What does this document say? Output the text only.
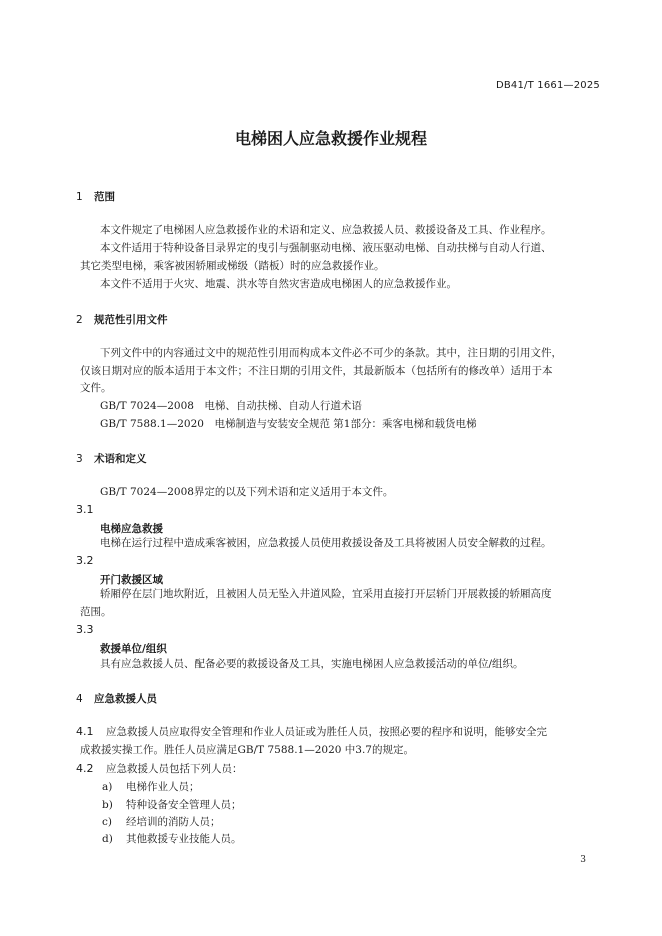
DB41/T 1661—2025
电梯困人应急救援作业规程
1 范围
本文件规定了电梯困人应急救援作业的术语和定义、应急救援人员、救援设备及工具、作业程序。
本文件适用于特种设备目录界定的曳引与强制驱动电梯、液压驱动电梯、自动扶梯与自动人行道、
其它类型电梯，乘客被困轿厢或梯级（踏板）时的应急救援作业。
本文件不适用于火灾、地震、洪水等自然灾害造成电梯困人的应急救援作业。
2 规范性引用文件
下列文件中的内容通过文中的规范性引用而构成本文件必不可少的条款。其中，注日期的引用文件，
仅该日期对应的版本适用于本文件；不注日期的引用文件，其最新版本（包括所有的修改单）适用于本
文件。
GB/T 7024—2008　电梯、自动扶梯、自动人行道术语
GB/T 7588.1—2020　电梯制造与安装安全规范 第1部分：乘客电梯和载货电梯
3 术语和定义
GB/T 7024—2008界定的以及下列术语和定义适用于本文件。
3.1
电梯应急救援
电梯在运行过程中造成乘客被困，应急救援人员使用救援设备及工具将被困人员安全解救的过程。
3.2
开门救援区域
轿厢停在层门地坎附近，且被困人员无坠入井道风险，宜采用直接打开层轿门开展救援的轿厢高度
范围。
3.3
救援单位/组织
具有应急救援人员、配备必要的救援设备及工具，实施电梯困人应急救援活动的单位/组织。
4 应急救援人员
4.1 应急救援人员应取得安全管理和作业人员证或为胜任人员，按照必要的程序和说明，能够安全完
成救援实操工作。胜任人员应满足GB/T 7588.1—2020 中3.7的规定。
4.2 应急救援人员包括下列人员：
a) 电梯作业人员；
b) 特种设备安全管理人员；
c) 经培训的消防人员；
d) 其他救援专业技能人员。
3
